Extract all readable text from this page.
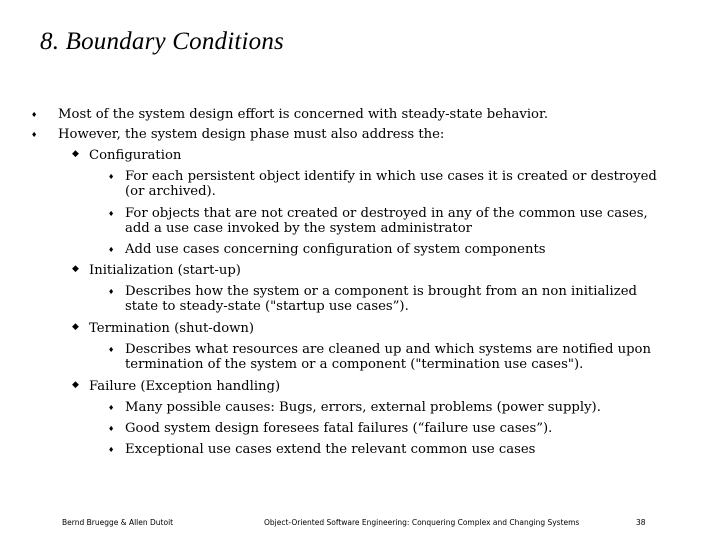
8. Boundary Conditions
♦ Most of the system design effort is concerned with steady-state behavior.
♦ However, the system design phase must also address the:
◆ Configuration
♦ For each persistent object identify in which use cases it is created or destroyed (or archived).
♦ For objects that are not created or destroyed in any of the common use cases, add a use case invoked by the system administrator
♦ Add use cases concerning configuration of system components
◆ Initialization (start-up)
♦ Describes how the system or a component is brought from an non initialized state to steady-state ("startup use cases”).
◆ Termination (shut-down)
♦ Describes what resources are cleaned up and which systems are notified upon termination of the system or a component ("termination use cases").
◆ Failure (Exception handling)
♦ Many possible causes: Bugs, errors, external problems (power supply).
♦ Good system design foresees fatal failures (“failure use cases”).
♦ Exceptional use cases extend the relevant common use cases
Bernd Bruegge & Allen Dutoit	Object-Oriented Software Engineering: Conquering Complex and Changing Systems	38
